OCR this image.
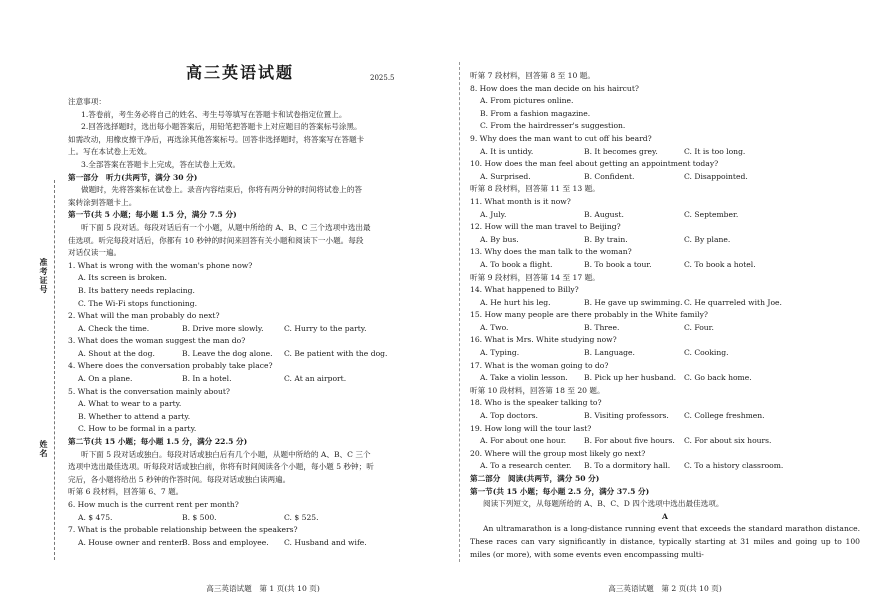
准考证号
姓名
高三英语试题	2025.5
注意事项：
1.答卷前，考生务必将自己的姓名、考生号等填写在答题卡和试卷指定位置上。
2.回答选择题时，选出每小题答案后，用铅笔把答题卡上对应题目的答案标号涂黑。
如需改动，用橡皮擦干净后，再选涂其他答案标号。回答非选择题时，将答案写在答题卡
上。写在本试卷上无效。
3.全部答案在答题卡上完成，答在试卷上无效。
第一部分　听力(共两节，满分 30 分)
做题时，先将答案标在试卷上。录音内容结束后，你将有两分钟的时间将试卷上的答
案转涂到答题卡上。
第一节(共 5 小题；每小题 1.5 分，满分 7.5 分)
听下面 5 段对话。每段对话后有一个小题，从题中所给的 A、B、C 三个选项中选出最
佳选项。听完每段对话后，你都有 10 秒钟的时间来回答有关小题和阅读下一小题。每段
对话仅读一遍。
1. What is wrong with the woman's phone now?
A. Its screen is broken.
B. Its battery needs replacing.
C. The Wi-Fi stops functioning.
2. What will the man probably do next?
A. Check the time.	B. Drive more slowly.	C. Hurry to the party.
3. What does the woman suggest the man do?
A. Shout at the dog.	B. Leave the dog alone.	C. Be patient with the dog.
4. Where does the conversation probably take place?
A. On a plane.	B. In a hotel.	C. At an airport.
5. What is the conversation mainly about?
A. What to wear to a party.
B. Whether to attend a party.
C. How to be formal in a party.
第二节(共 15 小题；每小题 1.5 分，满分 22.5 分)
听下面 5 段对话或独白。每段对话或独白后有几个小题，从题中所给的 A、B、C 三个
选项中选出最佳选项。听每段对话或独白前，你将有时间阅读各个小题，每小题 5 秒钟；听
完后，各小题将给出 5 秒钟的作答时间。每段对话或独白读两遍。
听第 6 段材料，回答第 6、7 题。
6. How much is the current rent per month?
A. $ 475.	B. $ 500.	C. $ 525.
7. What is the probable relationship between the speakers?
A. House owner and renter.
B. Boss and employee.	C. Husband and wife.
高三英语试题　第 1 页(共 10 页)
听第 7 段材料，回答第 8 至 10 题。
8. How does the man decide on his haircut?
A. From pictures online.
B. From a fashion magazine.
C. From the hairdresser's suggestion.
9. Why does the man want to cut off his beard?
A. It is untidy.	B. It becomes grey.	C. It is too long.
10. How does the man feel about getting an appointment today?
A. Surprised.	B. Confident.	C. Disappointed.
听第 8 段材料，回答第 11 至 13 题。
11. What month is it now?
A. July.	B. August.	C. September.
12. How will the man travel to Beijing?
A. By bus.	B. By train.	C. By plane.
13. Why does the man talk to the woman?
A. To book a flight.	B. To book a tour.	C. To book a hotel.
听第 9 段材料，回答第 14 至 17 题。
14. What happened to Billy?
A. He hurt his leg.	B. He gave up swimming. C. He quarreled with Joe.
15. How many people are there probably in the White family?
A. Two.	B. Three.	C. Four.
16. What is Mrs. White studying now?
A. Typing.	B. Language.	C. Cooking.
17. What is the woman going to do?
A. Take a violin lesson.	B. Pick up her husband.	C. Go back home.
听第 10 段材料，回答第 18 至 20 题。
18. Who is the speaker talking to?
A. Top doctors.	B. Visiting professors.	C. College freshmen.
19. How long will the tour last?
A. For about one hour.	B. For about five hours.	C. For about six hours.
20. Where will the group most likely go next?
A. To a research center.	B. To a dormitory hall.	C. To a history classroom.
第二部分　阅读(共两节，满分 50 分)
第一节(共 15 小题；每小题 2.5 分，满分 37.5 分)
阅读下列短文，从每题所给的 A、B、C、D 四个选项中选出最佳选项。
A
An ultramarathon is a long-distance running event that exceeds the standard marathon distance. These races can vary significantly in distance, typically starting at 31 miles and going up to 100 miles (or more), with some events even encompassing multi-
高三英语试题　第 2 页(共 10 页)
